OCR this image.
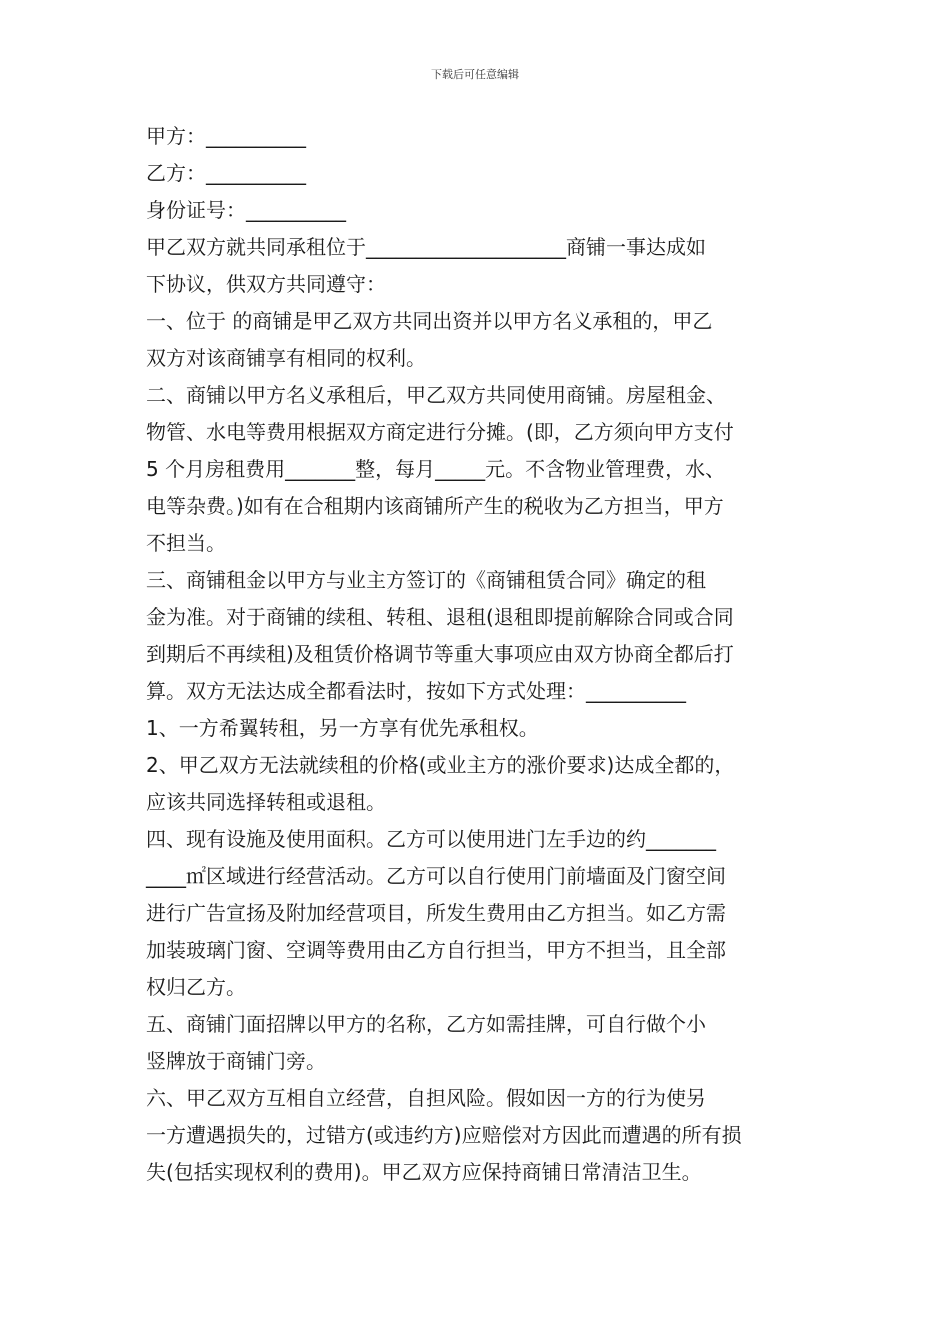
下载后可任意编辑

甲方：__________

乙方：__________

身份证号：__________

甲乙双方就共同承租位于____________________商铺一事达成如

下协议，供双方共同遵守：

一、位于 的商铺是甲乙双方共同出资并以甲方名义承租的，甲乙

双方对该商铺享有相同的权利。

二、商铺以甲方名义承租后，甲乙双方共同使用商铺。房屋租金、

物管、水电等费用根据双方商定进行分摊。(即，乙方须向甲方支付

5 个月房租费用_______整，每月_____元。不含物业管理费，水、

电等杂费。)如有在合租期内该商铺所产生的税收为乙方担当，甲方

不担当。

三、商铺租金以甲方与业主方签订的《商铺租赁合同》确定的租

金为准。对于商铺的续租、转租、退租(退租即提前解除合同或合同

到期后不再续租)及租赁价格调节等重大事项应由双方协商全都后打

算。双方无法达成全都看法时，按如下方式处理：__________

1、一方希翼转租，另一方享有优先承租权。

2、甲乙双方无法就续租的价格(或业主方的涨价要求)达成全都的，

应该共同选择转租或退租。

四、现有设施及使用面积。乙方可以使用进门左手边的约_______

____㎡区域进行经营活动。乙方可以自行使用门前墙面及门窗空间

进行广告宣扬及附加经营项目，所发生费用由乙方担当。如乙方需

加装玻璃门窗、空调等费用由乙方自行担当，甲方不担当，且全部

权归乙方。

五、商铺门面招牌以甲方的名称，乙方如需挂牌，可自行做个小

竖牌放于商铺门旁。

六、甲乙双方互相自立经营，自担风险。假如因一方的行为使另

一方遭遇损失的，过错方(或违约方)应赔偿对方因此而遭遇的所有损

失(包括实现权利的费用)。甲乙双方应保持商铺日常清洁卫生。
